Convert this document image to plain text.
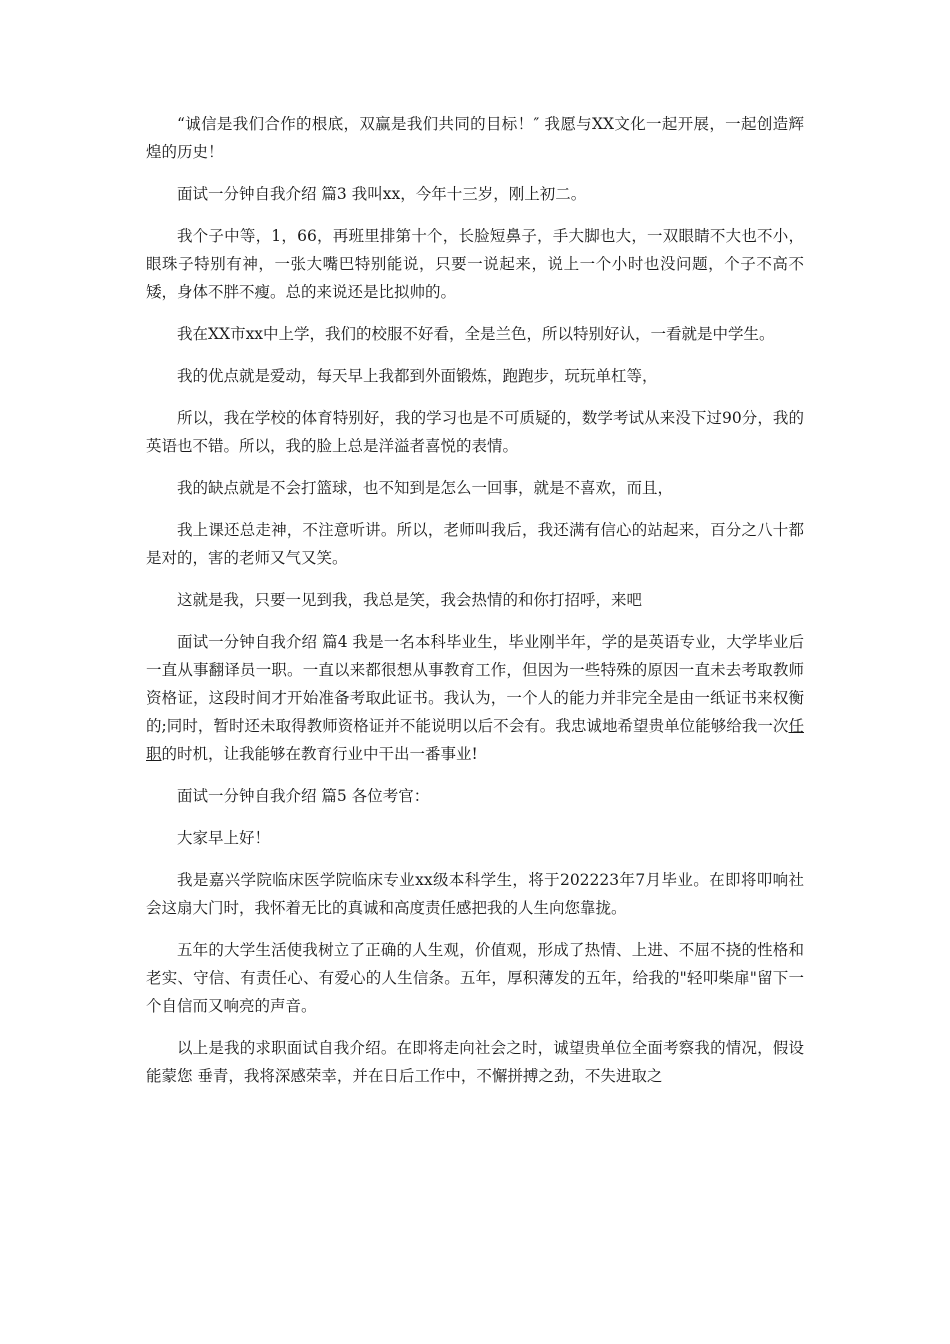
“诚信是我们合作的根底，双赢是我们共同的目标！″ 我愿与XX文化一起开展，一起创造辉煌的历史！

面试一分钟自我介绍 篇3 我叫xx，今年十三岁，刚上初二。

我个子中等，1，66，再班里排第十个，长脸短鼻子，手大脚也大，一双眼睛不大也不小，眼珠子特别有神，一张大嘴巴特别能说，只要一说起来，说上一个小时也没问题，个子不高不矮，身体不胖不瘦。总的来说还是比拟帅的。

我在XX市xx中上学，我们的校服不好看，全是兰色，所以特别好认，一看就是中学生。

我的优点就是爱动，每天早上我都到外面锻炼，跑跑步，玩玩单杠等，

所以，我在学校的体育特别好，我的学习也是不可质疑的，数学考试从来没下过90分，我的英语也不错。所以，我的脸上总是洋溢者喜悦的表情。

我的缺点就是不会打篮球，也不知到是怎么一回事，就是不喜欢，而且，

我上课还总走神，不注意听讲。所以，老师叫我后，我还满有信心的站起来，百分之八十都是对的，害的老师又气又笑。

这就是我，只要一见到我，我总是笑，我会热情的和你打招呼，来吧

面试一分钟自我介绍 篇4 我是一名本科毕业生，毕业刚半年，学的是英语专业，大学毕业后一直从事翻译员一职。一直以来都很想从事教育工作，但因为一些特殊的原因一直未去考取教师资格证，这段时间才开始准备考取此证书。我认为，一个人的能力并非完全是由一纸证书来权衡的;同时，暂时还未取得教师资格证并不能说明以后不会有。我忠诚地希望贵单位能够给我一次任职的时机，让我能够在教育行业中干出一番事业!

面试一分钟自我介绍 篇5 各位考官：

大家早上好！

我是嘉兴学院临床医学院临床专业xx级本科学生，将于202223年7月毕业。在即将叩响社会这扇大门时，我怀着无比的真诚和高度责任感把我的人生向您靠拢。

五年的大学生活使我树立了正确的人生观，价值观，形成了热情、上进、不屈不挠的性格和老实、守信、有责任心、有爱心的人生信条。五年，厚积薄发的五年，给我的"轻叩柴扉"留下一个自信而又响亮的声音。

以上是我的求职面试自我介绍。在即将走向社会之时，诚望贵单位全面考察我的情况，假设能蒙您 垂青，我将深感荣幸，并在日后工作中，不懈拼搏之劲，不失进取之
